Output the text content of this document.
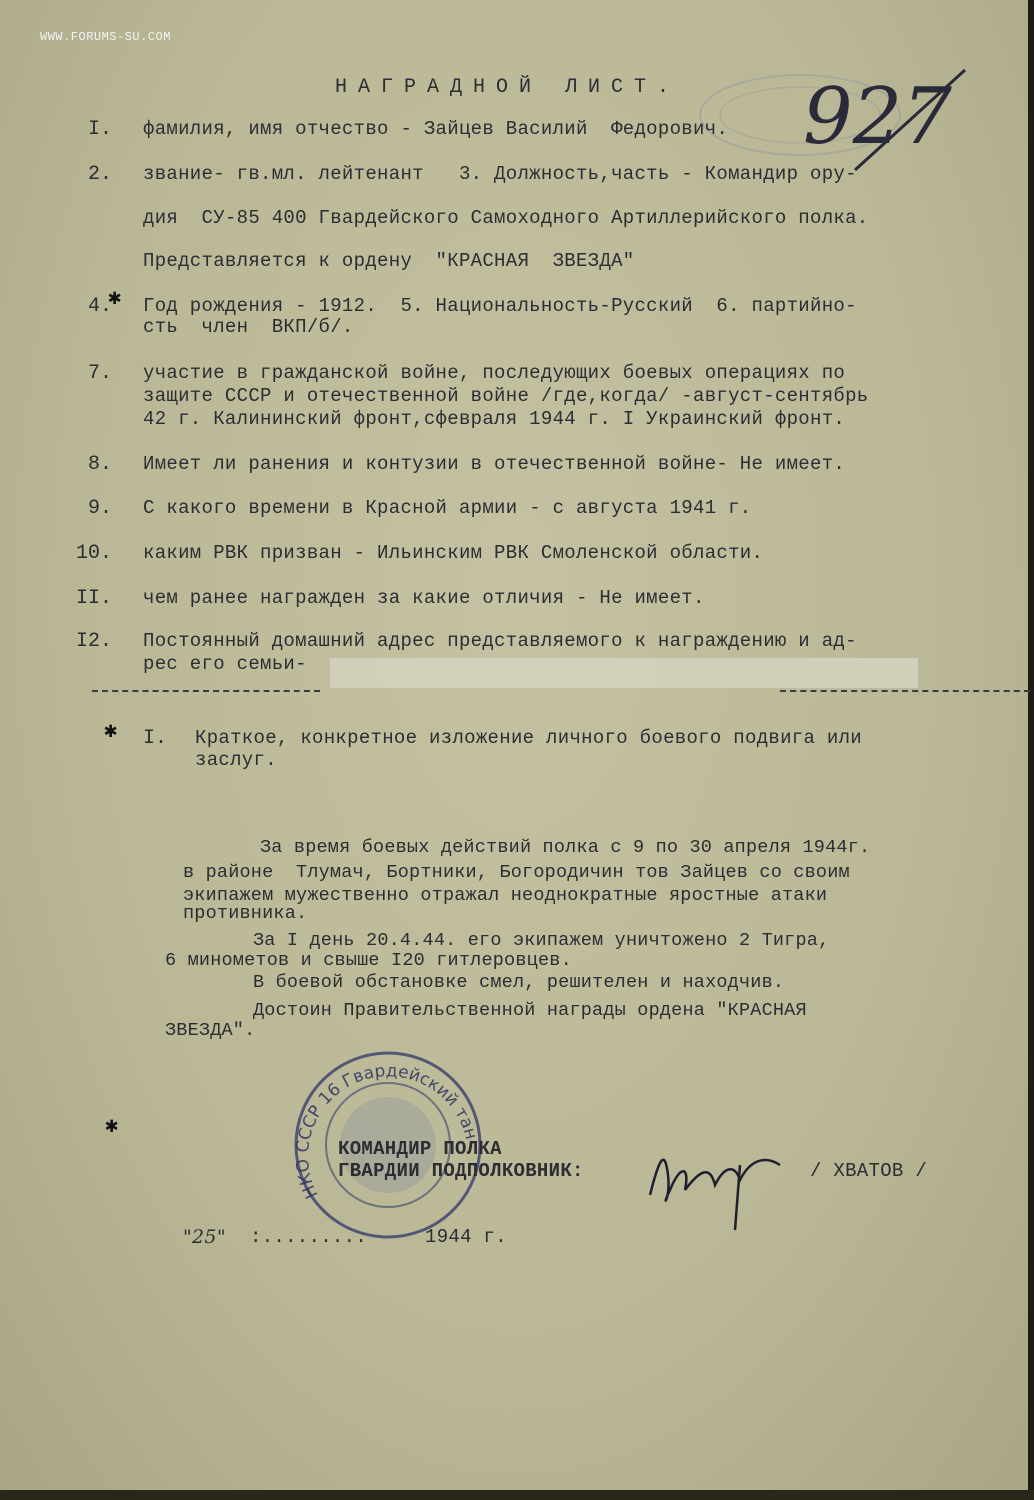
WWW.FORUMS-SU.COM
927
НАГРАДНОЙ ЛИСТ.
I. фамилия, имя отчество - Зайцев Василий  Федорович.
2. звание- гв.мл. лейтенант   3. Должность,часть - Командир ору-
дия  СУ-85 400 Гвардейского Самоходного Артиллерийского полка.
Представляется к ордену  "КРАСНАЯ  ЗВЕЗДА"
4. Год рождения - 1912.  5. Национальность-Русский  6. партийно-
сть  член  ВКП/б/.
7. участие в гражданской войне, последующих боевых операциях по
защите СССР и отечественной войне /где,когда/ -август-сентябрь
42 г. Калининский фронт,сфевраля 1944 г. I Украинский фронт.
8. Имеет ли ранения и контузии в отечественной войне- Не имеет.
9. С какого времени в Красной армии - с августа 1941 г.
10. каким РВК призван - Ильинским РВК Смоленской области.
II. чем ранее награжден за какие отличия - Не имеет.
I2. Постоянный домашний адрес представляемого к награждению и ад-
рес его семьи-
✱
✱
✱
I. Краткое, конкретное изложение личного боевого подвига или
заслуг.
За время боевых действий полка с 9 по 30 апреля 1944г.
в районе  Тлумач, Бортники, Богородичин тов Зайцев со своим
экипажем мужественно отражал неоднократные яростные атаки
противника.
За I день 20.4.44. его экипажем уничтожено 2 Тигра,
6 минометов и свыше I20 гитлеровцев.
В боевой обстановке смел, решителен и находчив.
Достоин Правительственной награды ордена "КРАСНАЯ
ЗВЕЗДА".
НКО СССР 16 Гвардейский тан
КОМАНДИР ПОЛКА
ГВАРДИИ ПОДПОЛКОВНИК:	/ ХВАТОВ /
"25" :.........	1944 г.
